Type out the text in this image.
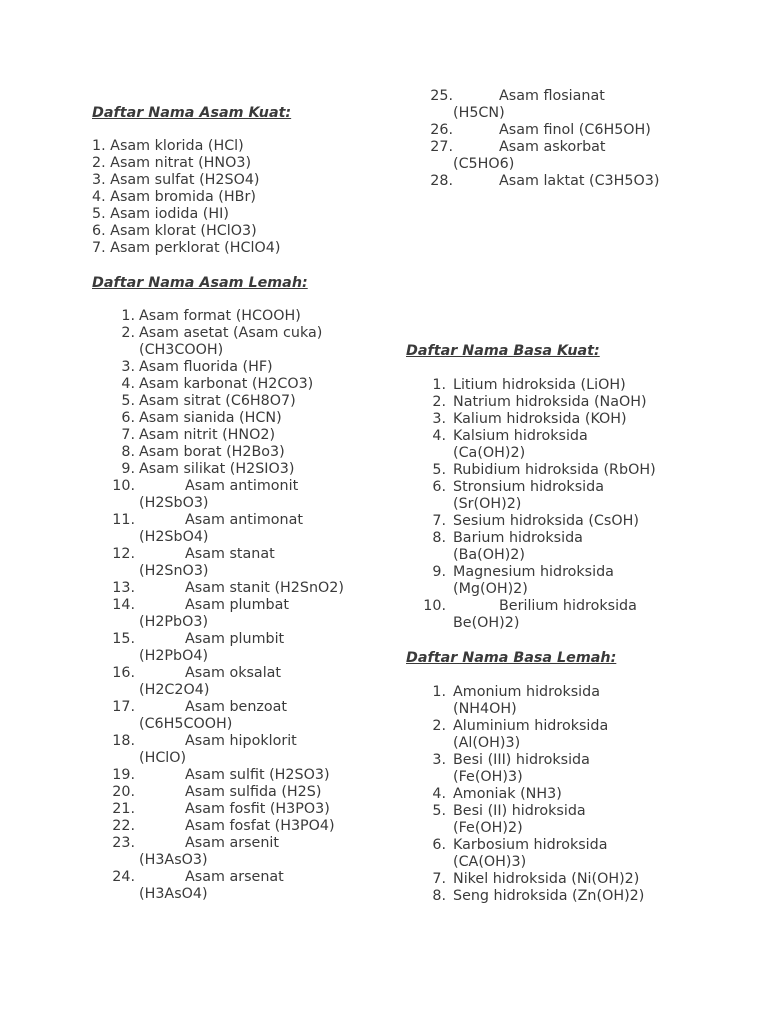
Daftar Nama Asam Kuat:
1. Asam klorida (HCl)
2. Asam nitrat (HNO3)
3. Asam sulfat (H2SO4)
4. Asam bromida (HBr)
5. Asam iodida (HI)
6. Asam klorat (HClO3)
7. Asam perklorat (HClO4)
Daftar Nama Asam Lemah:
1. Asam format (HCOOH)
2. Asam asetat (Asam cuka)
(CH3COOH)
3. Asam fluorida (HF)
4. Asam karbonat (H2CO3)
5. Asam sitrat (C6H8O7)
6. Asam sianida (HCN)
7. Asam nitrit (HNO2)
8. Asam borat (H2Bo3)
9. Asam silikat (H2SIO3)
10.	Asam antimonit
(H2SbO3)
11.	Asam antimonat
(H2SbO4)
12.	Asam stanat
(H2SnO3)
13.	Asam stanit (H2SnO2)
14.	Asam plumbat
(H2PbO3)
15.	Asam plumbit
(H2PbO4)
16.	Asam oksalat
(H2C2O4)
17.	Asam benzoat
(C6H5COOH)
18.	Asam hipoklorit
(HClO)
19.	Asam sulfit (H2SO3)
20.	Asam sulfida (H2S)
21.	Asam fosfit (H3PO3)
22.	Asam fosfat (H3PO4)
23.	Asam arsenit
(H3AsO3)
24.	Asam arsenat
(H3AsO4)
25.	Asam flosianat
(H5CN)
26.	Asam finol (C6H5OH)
27.	Asam askorbat
(C5HO6)
28.	Asam laktat (C3H5O3)
Daftar Nama Basa Kuat:
1. Litium hidroksida (LiOH)
2. Natrium hidroksida (NaOH)
3. Kalium hidroksida (KOH)
4. Kalsium hidroksida
(Ca(OH)2)
5. Rubidium hidroksida (RbOH)
6. Stronsium hidroksida
(Sr(OH)2)
7. Sesium hidroksida (CsOH)
8. Barium hidroksida
(Ba(OH)2)
9. Magnesium hidroksida
(Mg(OH)2)
10.	Berilium hidroksida
Be(OH)2)
Daftar Nama Basa Lemah:
1. Amonium hidroksida
(NH4OH)
2. Aluminium hidroksida
(Al(OH)3)
3. Besi (III) hidroksida
(Fe(OH)3)
4. Amoniak (NH3)
5. Besi (II) hidroksida
(Fe(OH)2)
6. Karbosium hidroksida
(CA(OH)3)
7. Nikel hidroksida (Ni(OH)2)
8. Seng hidroksida (Zn(OH)2)
